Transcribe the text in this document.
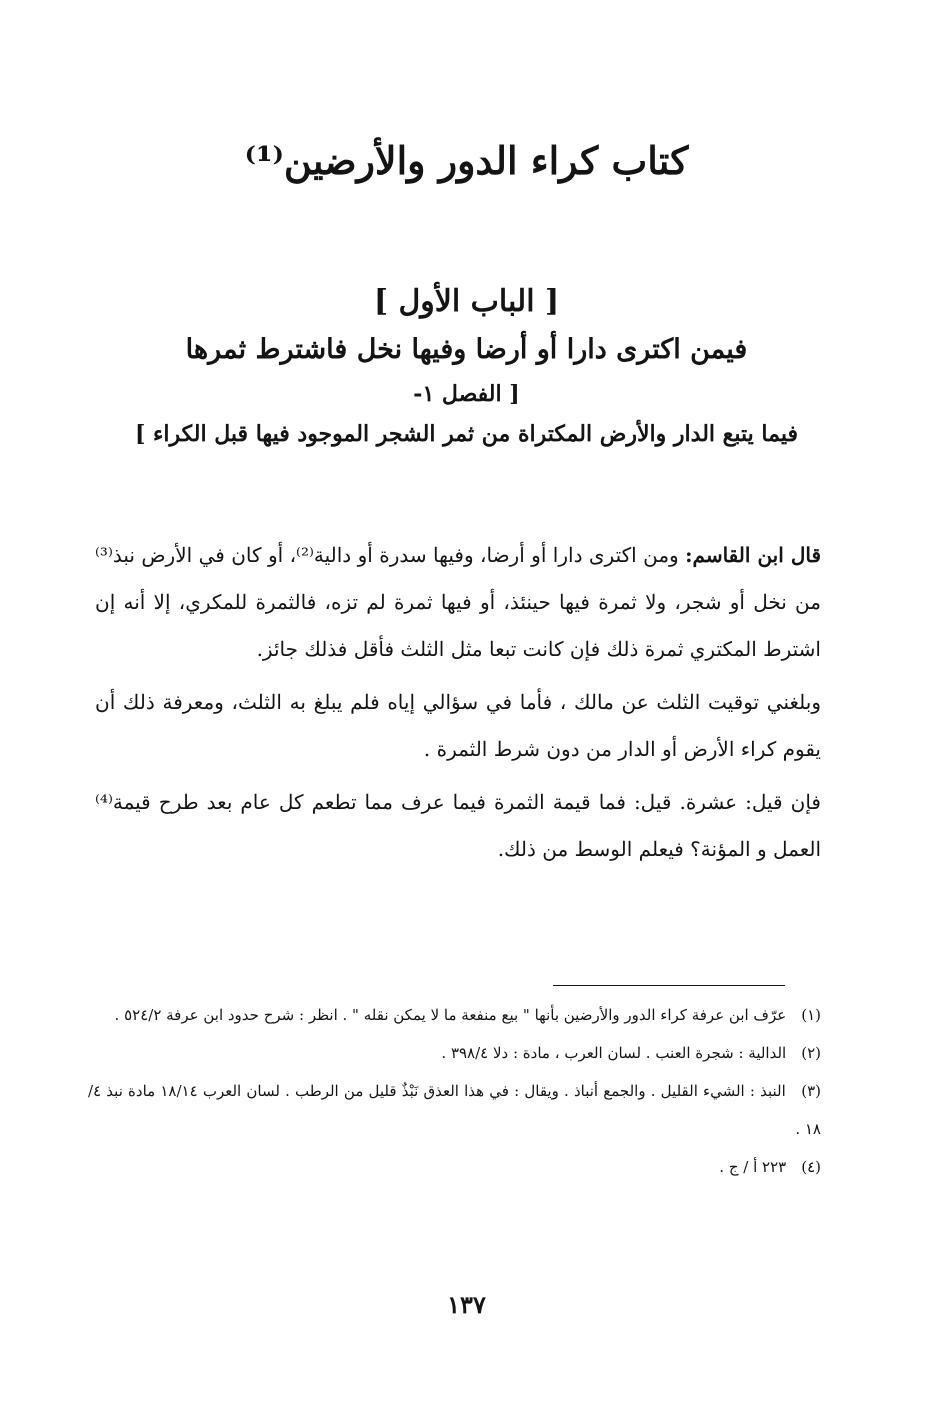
كتاب كراء الدور والأرضين⁽¹⁾
[ الباب الأول ]
فيمن اكترى دارا أو أرضا وفيها نخل فاشترط ثمرها
[ الفصل ١-
فيما يتبع الدار والأرض المكتراة من ثمر الشجر الموجود فيها قبل الكراء ]

قال ابن القاسم: ومن اكترى دارا أو أرضا، وفيها سدرة أو دالية⁽²⁾، أو كان في الأرض نبذ⁽³⁾ من نخل أو شجر، ولا ثمرة فيها حينئذ، أو فيها ثمرة لم تزه، فالثمرة للمكري، إلا أنه إن اشترط المكتري ثمرة ذلك فإن كانت تبعا مثل الثلث فأقل فذلك جائز.

وبلغني توقيت الثلث عن مالك ، فأما في سؤالي إياه فلم يبلغ به الثلث، ومعرفة ذلك أن يقوم كراء الأرض أو الدار من دون شرط الثمرة .

فإن قيل: عشرة. قيل: فما قيمة الثمرة فيما عرف مما تطعم كل عام بعد طرح قيمة⁽⁴⁾ العمل و المؤنة؟ فيعلم الوسط من ذلك.

(١) عرّف ابن عرفة كراء الدور والأرضين بأنها " بيع منفعة ما لا يمكن نقله " . انظر : شرح حدود ابن عرفة ٥٢٤/٢ .

(٢) الدالية : شجرة العنب . لسان العرب ، مادة : دلا ٣٩٨/٤ .

(٣) النبذ : الشيء القليل . والجمع أنباذ . ويقال : في هذا العذق نَبْذٌ قليل من الرطب . لسان العرب ١٨/١٤ مادة نبذ ٤/ ١٨ .

(٤) ٢٢٣ أ / ج .

١٣٧
